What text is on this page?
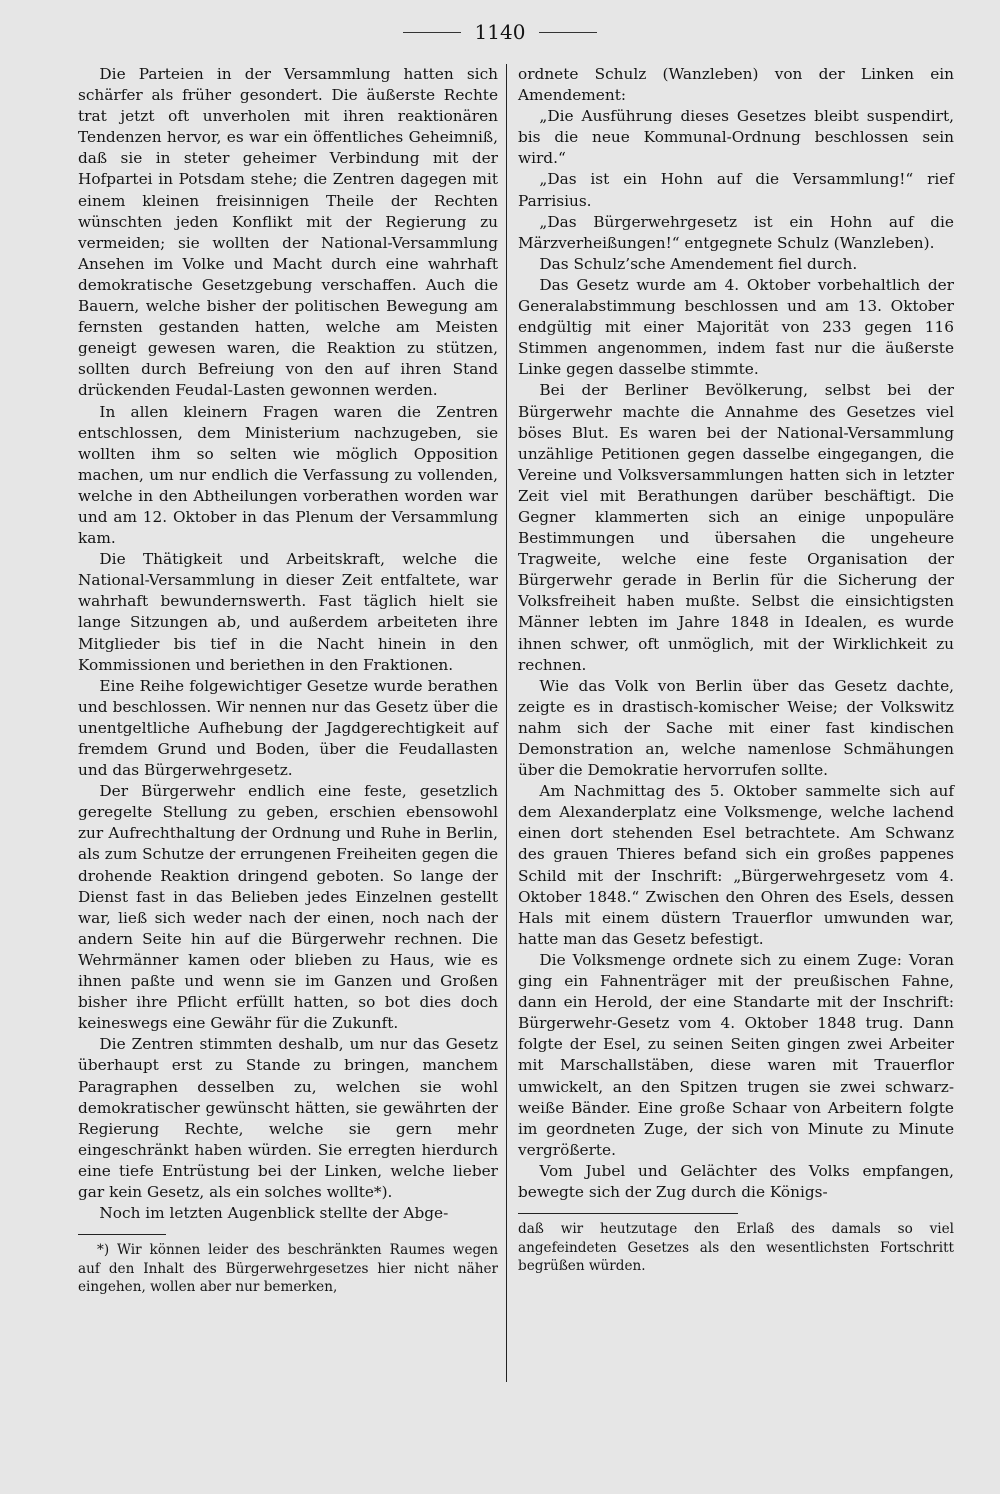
1140

Die Parteien in der Versammlung hatten sich schärfer als früher gesondert. Die äußerste Rechte trat jetzt oft unverholen mit ihren reaktionären Tendenzen hervor, es war ein öffentliches Geheimniß, daß sie in steter geheimer Verbindung mit der Hofpartei in Potsdam stehe; die Zentren dagegen mit einem kleinen freisinnigen Theile der Rechten wünschten jeden Konflikt mit der Regierung zu vermeiden; sie wollten der National-Versammlung Ansehen im Volke und Macht durch eine wahrhaft demokratische Gesetzgebung verschaffen. Auch die Bauern, welche bisher der politischen Bewegung am fernsten gestanden hatten, welche am Meisten geneigt gewesen waren, die Reaktion zu stützen, sollten durch Befreiung von den auf ihren Stand drückenden Feudal-Lasten gewonnen werden.

In allen kleinern Fragen waren die Zentren entschlossen, dem Ministerium nachzugeben, sie wollten ihm so selten wie möglich Opposition machen, um nur endlich die Verfassung zu vollenden, welche in den Abtheilungen vorberathen worden war und am 12. Oktober in das Plenum der Versammlung kam.

Die Thätigkeit und Arbeitskraft, welche die National-Versammlung in dieser Zeit entfaltete, war wahrhaft bewundernswerth. Fast täglich hielt sie lange Sitzungen ab, und außerdem arbeiteten ihre Mitglieder bis tief in die Nacht hinein in den Kommissionen und beriethen in den Fraktionen.

Eine Reihe folgewichtiger Gesetze wurde berathen und beschlossen. Wir nennen nur das Gesetz über die unentgeltliche Aufhebung der Jagdgerechtigkeit auf fremdem Grund und Boden, über die Feudallasten und das Bürgerwehrgesetz.

Der Bürgerwehr endlich eine feste, gesetzlich geregelte Stellung zu geben, erschien ebensowohl zur Aufrechthaltung der Ordnung und Ruhe in Berlin, als zum Schutze der errungenen Freiheiten gegen die drohende Reaktion dringend geboten. So lange der Dienst fast in das Belieben jedes Einzelnen gestellt war, ließ sich weder nach der einen, noch nach der andern Seite hin auf die Bürgerwehr rechnen. Die Wehrmänner kamen oder blieben zu Haus, wie es ihnen paßte und wenn sie im Ganzen und Großen bisher ihre Pflicht erfüllt hatten, so bot dies doch keineswegs eine Gewähr für die Zukunft.

Die Zentren stimmten deshalb, um nur das Gesetz überhaupt erst zu Stande zu bringen, manchem Paragraphen desselben zu, welchen sie wohl demokratischer gewünscht hätten, sie gewährten der Regierung Rechte, welche sie gern mehr eingeschränkt haben würden. Sie erregten hierdurch eine tiefe Entrüstung bei der Linken, welche lieber gar kein Gesetz, als ein solches wollte*).

Noch im letzten Augenblick stellte der Abge-

*) Wir können leider des beschränkten Raumes wegen auf den Inhalt des Bürgerwehrgesetzes hier nicht näher eingehen, wollen aber nur bemerken,

ordnete Schulz (Wanzleben) von der Linken ein Amendement:

„Die Ausführung dieses Gesetzes bleibt suspendirt, bis die neue Kommunal-Ordnung beschlossen sein wird.“

„Das ist ein Hohn auf die Versammlung!“ rief Parrisius.

„Das Bürgerwehrgesetz ist ein Hohn auf die Märzverheißungen!“ entgegnete Schulz (Wanzleben).

Das Schulz’sche Amendement fiel durch.

Das Gesetz wurde am 4. Oktober vorbehaltlich der Generalabstimmung beschlossen und am 13. Oktober endgültig mit einer Majorität von 233 gegen 116 Stimmen angenommen, indem fast nur die äußerste Linke gegen dasselbe stimmte.

Bei der Berliner Bevölkerung, selbst bei der Bürgerwehr machte die Annahme des Gesetzes viel böses Blut. Es waren bei der National-Versammlung unzählige Petitionen gegen dasselbe eingegangen, die Vereine und Volksversammlungen hatten sich in letzter Zeit viel mit Berathungen darüber beschäftigt. Die Gegner klammerten sich an einige unpopuläre Bestimmungen und übersahen die ungeheure Tragweite, welche eine feste Organisation der Bürgerwehr gerade in Berlin für die Sicherung der Volksfreiheit haben mußte. Selbst die einsichtigsten Männer lebten im Jahre 1848 in Idealen, es wurde ihnen schwer, oft unmöglich, mit der Wirklichkeit zu rechnen.

Wie das Volk von Berlin über das Gesetz dachte, zeigte es in drastisch-komischer Weise; der Volkswitz nahm sich der Sache mit einer fast kindischen Demonstration an, welche namenlose Schmähungen über die Demokratie hervorrufen sollte.

Am Nachmittag des 5. Oktober sammelte sich auf dem Alexanderplatz eine Volksmenge, welche lachend einen dort stehenden Esel betrachtete. Am Schwanz des grauen Thieres befand sich ein großes pappenes Schild mit der Inschrift: „Bürgerwehrgesetz vom 4. Oktober 1848.“ Zwischen den Ohren des Esels, dessen Hals mit einem düstern Trauerflor umwunden war, hatte man das Gesetz befestigt.

Die Volksmenge ordnete sich zu einem Zuge: Voran ging ein Fahnenträger mit der preußischen Fahne, dann ein Herold, der eine Standarte mit der Inschrift: Bürgerwehr-Gesetz vom 4. Oktober 1848 trug. Dann folgte der Esel, zu seinen Seiten gingen zwei Arbeiter mit Marschallstäben, diese waren mit Trauerflor umwickelt, an den Spitzen trugen sie zwei schwarz-weiße Bänder. Eine große Schaar von Arbeitern folgte im geordneten Zuge, der sich von Minute zu Minute vergrößerte.

Vom Jubel und Gelächter des Volks empfangen, bewegte sich der Zug durch die Königs-

daß wir heutzutage den Erlaß des damals so viel angefeindeten Gesetzes als den wesentlichsten Fortschritt begrüßen würden.
